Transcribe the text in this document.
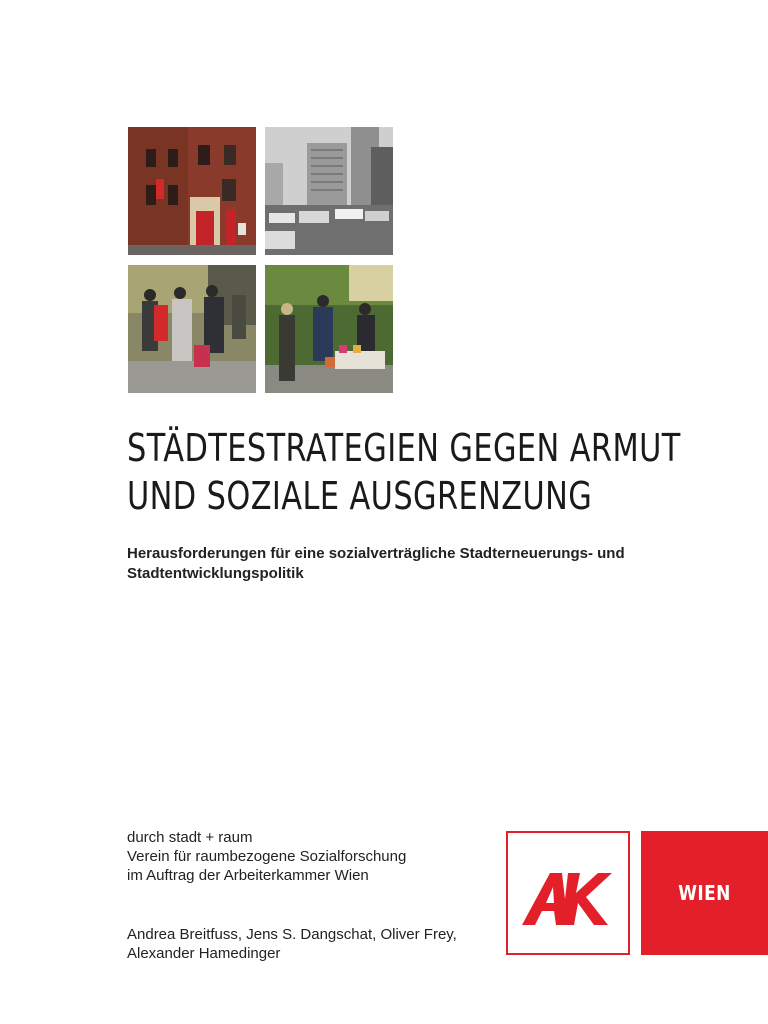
STÄDTESTRATEGIEN GEGEN ARMUT
UND SOZIALE AUSGRENZUNG

Herausforderungen für eine sozialverträgliche Stadterneuerungs- und
Stadtentwicklungspolitik

durch stadt + raum
Verein für raumbezogene Sozialforschung
im Auftrag der Arbeiterkammer Wien
Andrea Breitfuss, Jens S. Dangschat, Oliver Frey,
Alexander Hamedinger
WIEN
